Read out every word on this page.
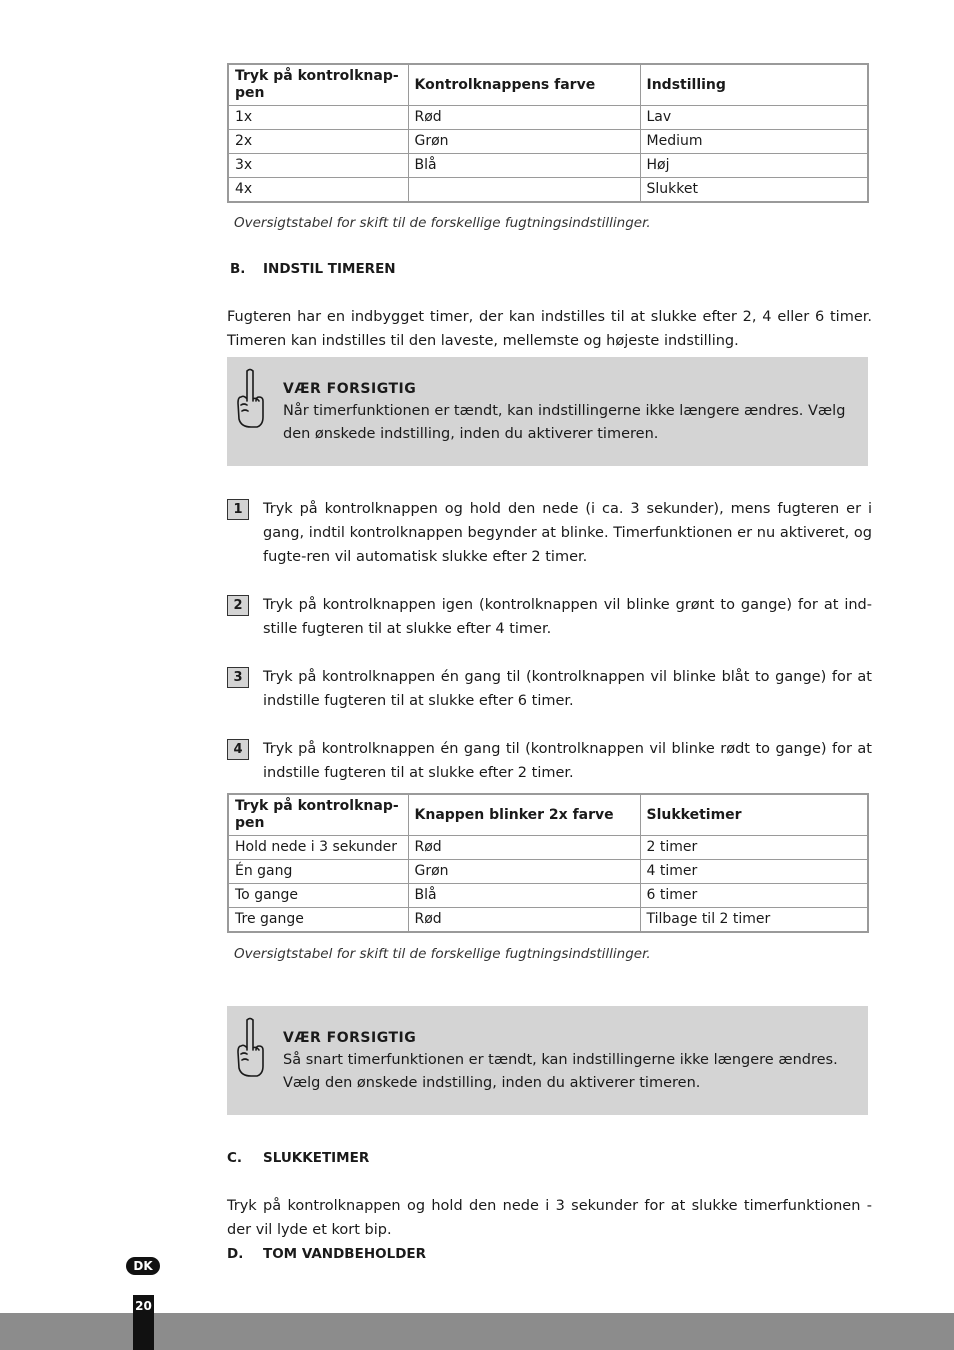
Tryk på kontrolknap-pen	Kontrolknappens farve	Indstilling
1x	Rød	Lav
2x	Grøn	Medium
3x	Blå	Høj
4x		Slukket
Oversigtstabel for skift til de forskellige fugtningsindstillinger.
B. INDSTIL TIMEREN

Fugteren har en indbygget timer, der kan indstilles til at slukke efter 2, 4 eller 6 timer. Timeren kan indstilles til den laveste, mellemste og højeste indstilling.

VÆR FORSIGTIG

Når timerfunktionen er tændt, kan indstillingerne ikke længere ændres. Vælg den ønskede indstilling, inden du aktiverer timeren.

1	Tryk på kontrolknappen og hold den nede (i ca. 3 sekunder), mens fugteren er i gang, indtil kontrolknappen begynder at blinke. Timerfunktionen er nu aktiveret, og fugte-ren vil automatisk slukke efter 2 timer.

2	Tryk på kontrolknappen igen (kontrolknappen vil blinke grønt to gange) for at ind-stille fugteren til at slukke efter 4 timer.

3	Tryk på kontrolknappen én gang til (kontrolknappen vil blinke blåt to gange) for at indstille fugteren til at slukke efter 6 timer.

4	Tryk på kontrolknappen én gang til (kontrolknappen vil blinke rødt to gange) for at indstille fugteren til at slukke efter 2 timer.

Tryk på kontrolknap-pen	Knappen blinker 2x farve	Slukketimer
Hold nede i 3 sekunder	Rød	2 timer
Én gang	Grøn	4 timer
To gange	Blå	6 timer
Tre gange	Rød	Tilbage til 2 timer
Oversigtstabel for skift til de forskellige fugtningsindstillinger.
VÆR FORSIGTIG

Så snart timerfunktionen er tændt, kan indstillingerne ikke længere ændres. Vælg den ønskede indstilling, inden du aktiverer timeren.

C. SLUKKETIMER

Tryk på kontrolknappen og hold den nede i 3 sekunder for at slukke timerfunktionen - der vil lyde et kort bip.

D. TOM VANDBEHOLDER
DK
20
